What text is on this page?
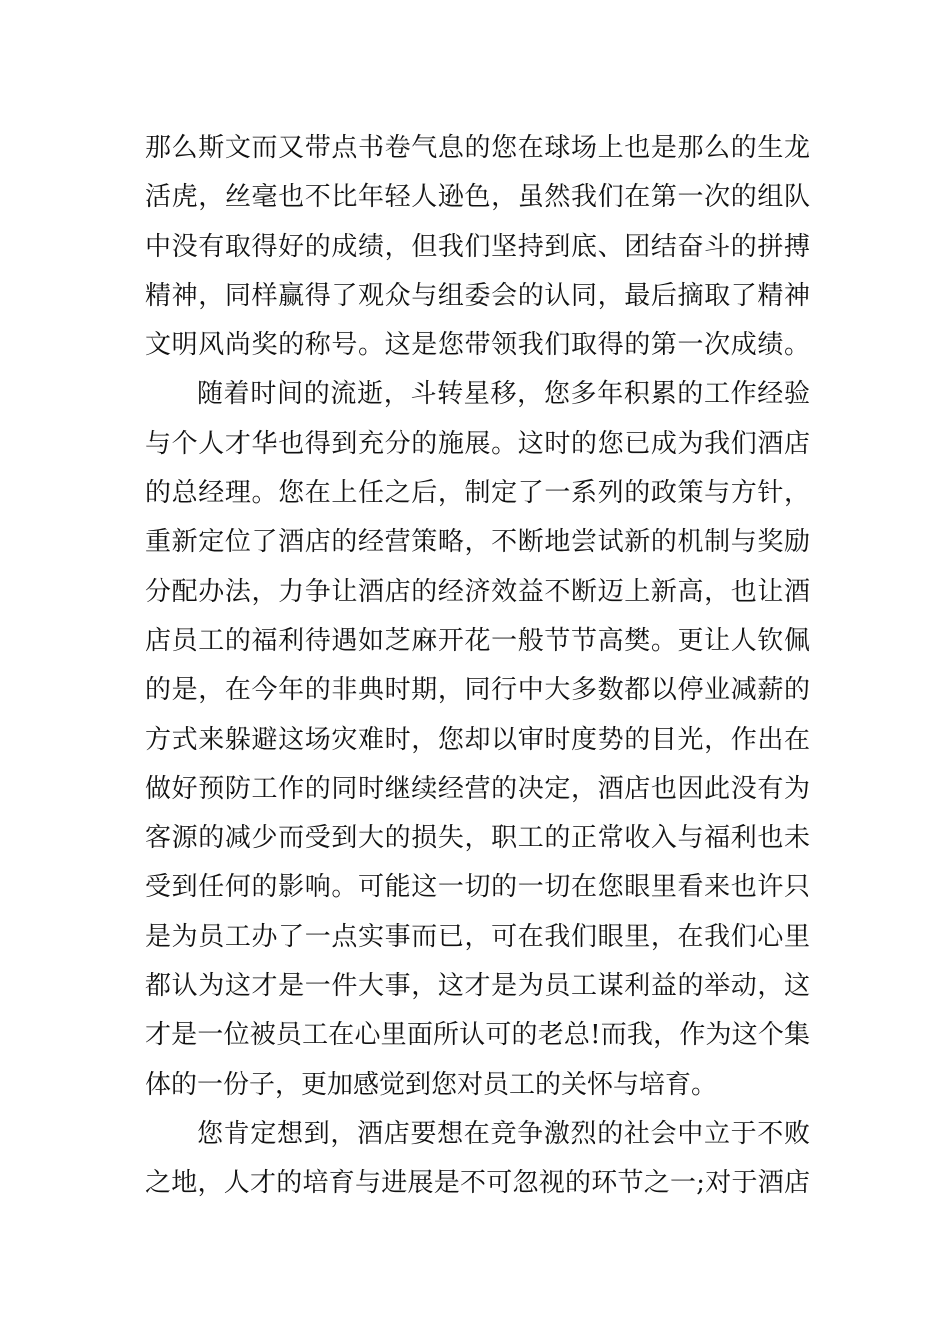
那么斯文而又带点书卷气息的您在球场上也是那么的生龙
活虎，丝毫也不比年轻人逊色，虽然我们在第一次的组队
中没有取得好的成绩，但我们坚持到底、团结奋斗的拼搏
精神，同样赢得了观众与组委会的认同，最后摘取了精神
文明风尚奖的称号。这是您带领我们取得的第一次成绩。
随着时间的流逝，斗转星移，您多年积累的工作经验
与个人才华也得到充分的施展。这时的您已成为我们酒店
的总经理。您在上任之后，制定了一系列的政策与方针，
重新定位了酒店的经营策略，不断地尝试新的机制与奖励
分配办法，力争让酒店的经济效益不断迈上新高，也让酒
店员工的福利待遇如芝麻开花一般节节高樊。更让人钦佩
的是，在今年的非典时期，同行中大多数都以停业减薪的
方式来躲避这场灾难时，您却以审时度势的目光，作出在
做好预防工作的同时继续经营的决定，酒店也因此没有为
客源的减少而受到大的损失，职工的正常收入与福利也未
受到任何的影响。可能这一切的一切在您眼里看来也许只
是为员工办了一点实事而已，可在我们眼里，在我们心里
都认为这才是一件大事，这才是为员工谋利益的举动，这
才是一位被员工在心里面所认可的老总!而我，作为这个集
体的一份子，更加感觉到您对员工的关怀与培育。
您肯定想到，酒店要想在竞争激烈的社会中立于不败
之地，人才的培育与进展是不可忽视的环节之一;对于酒店
